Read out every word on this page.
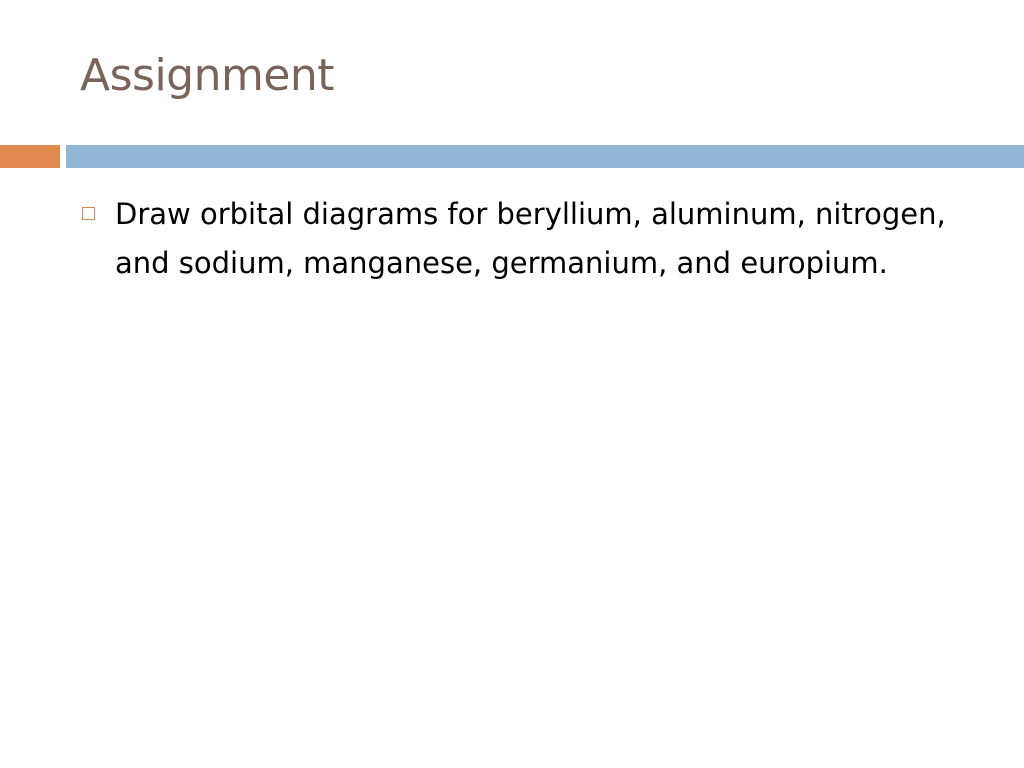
Assignment
Draw orbital diagrams for beryllium, aluminum, nitrogen, and sodium, manganese, germanium, and europium.
